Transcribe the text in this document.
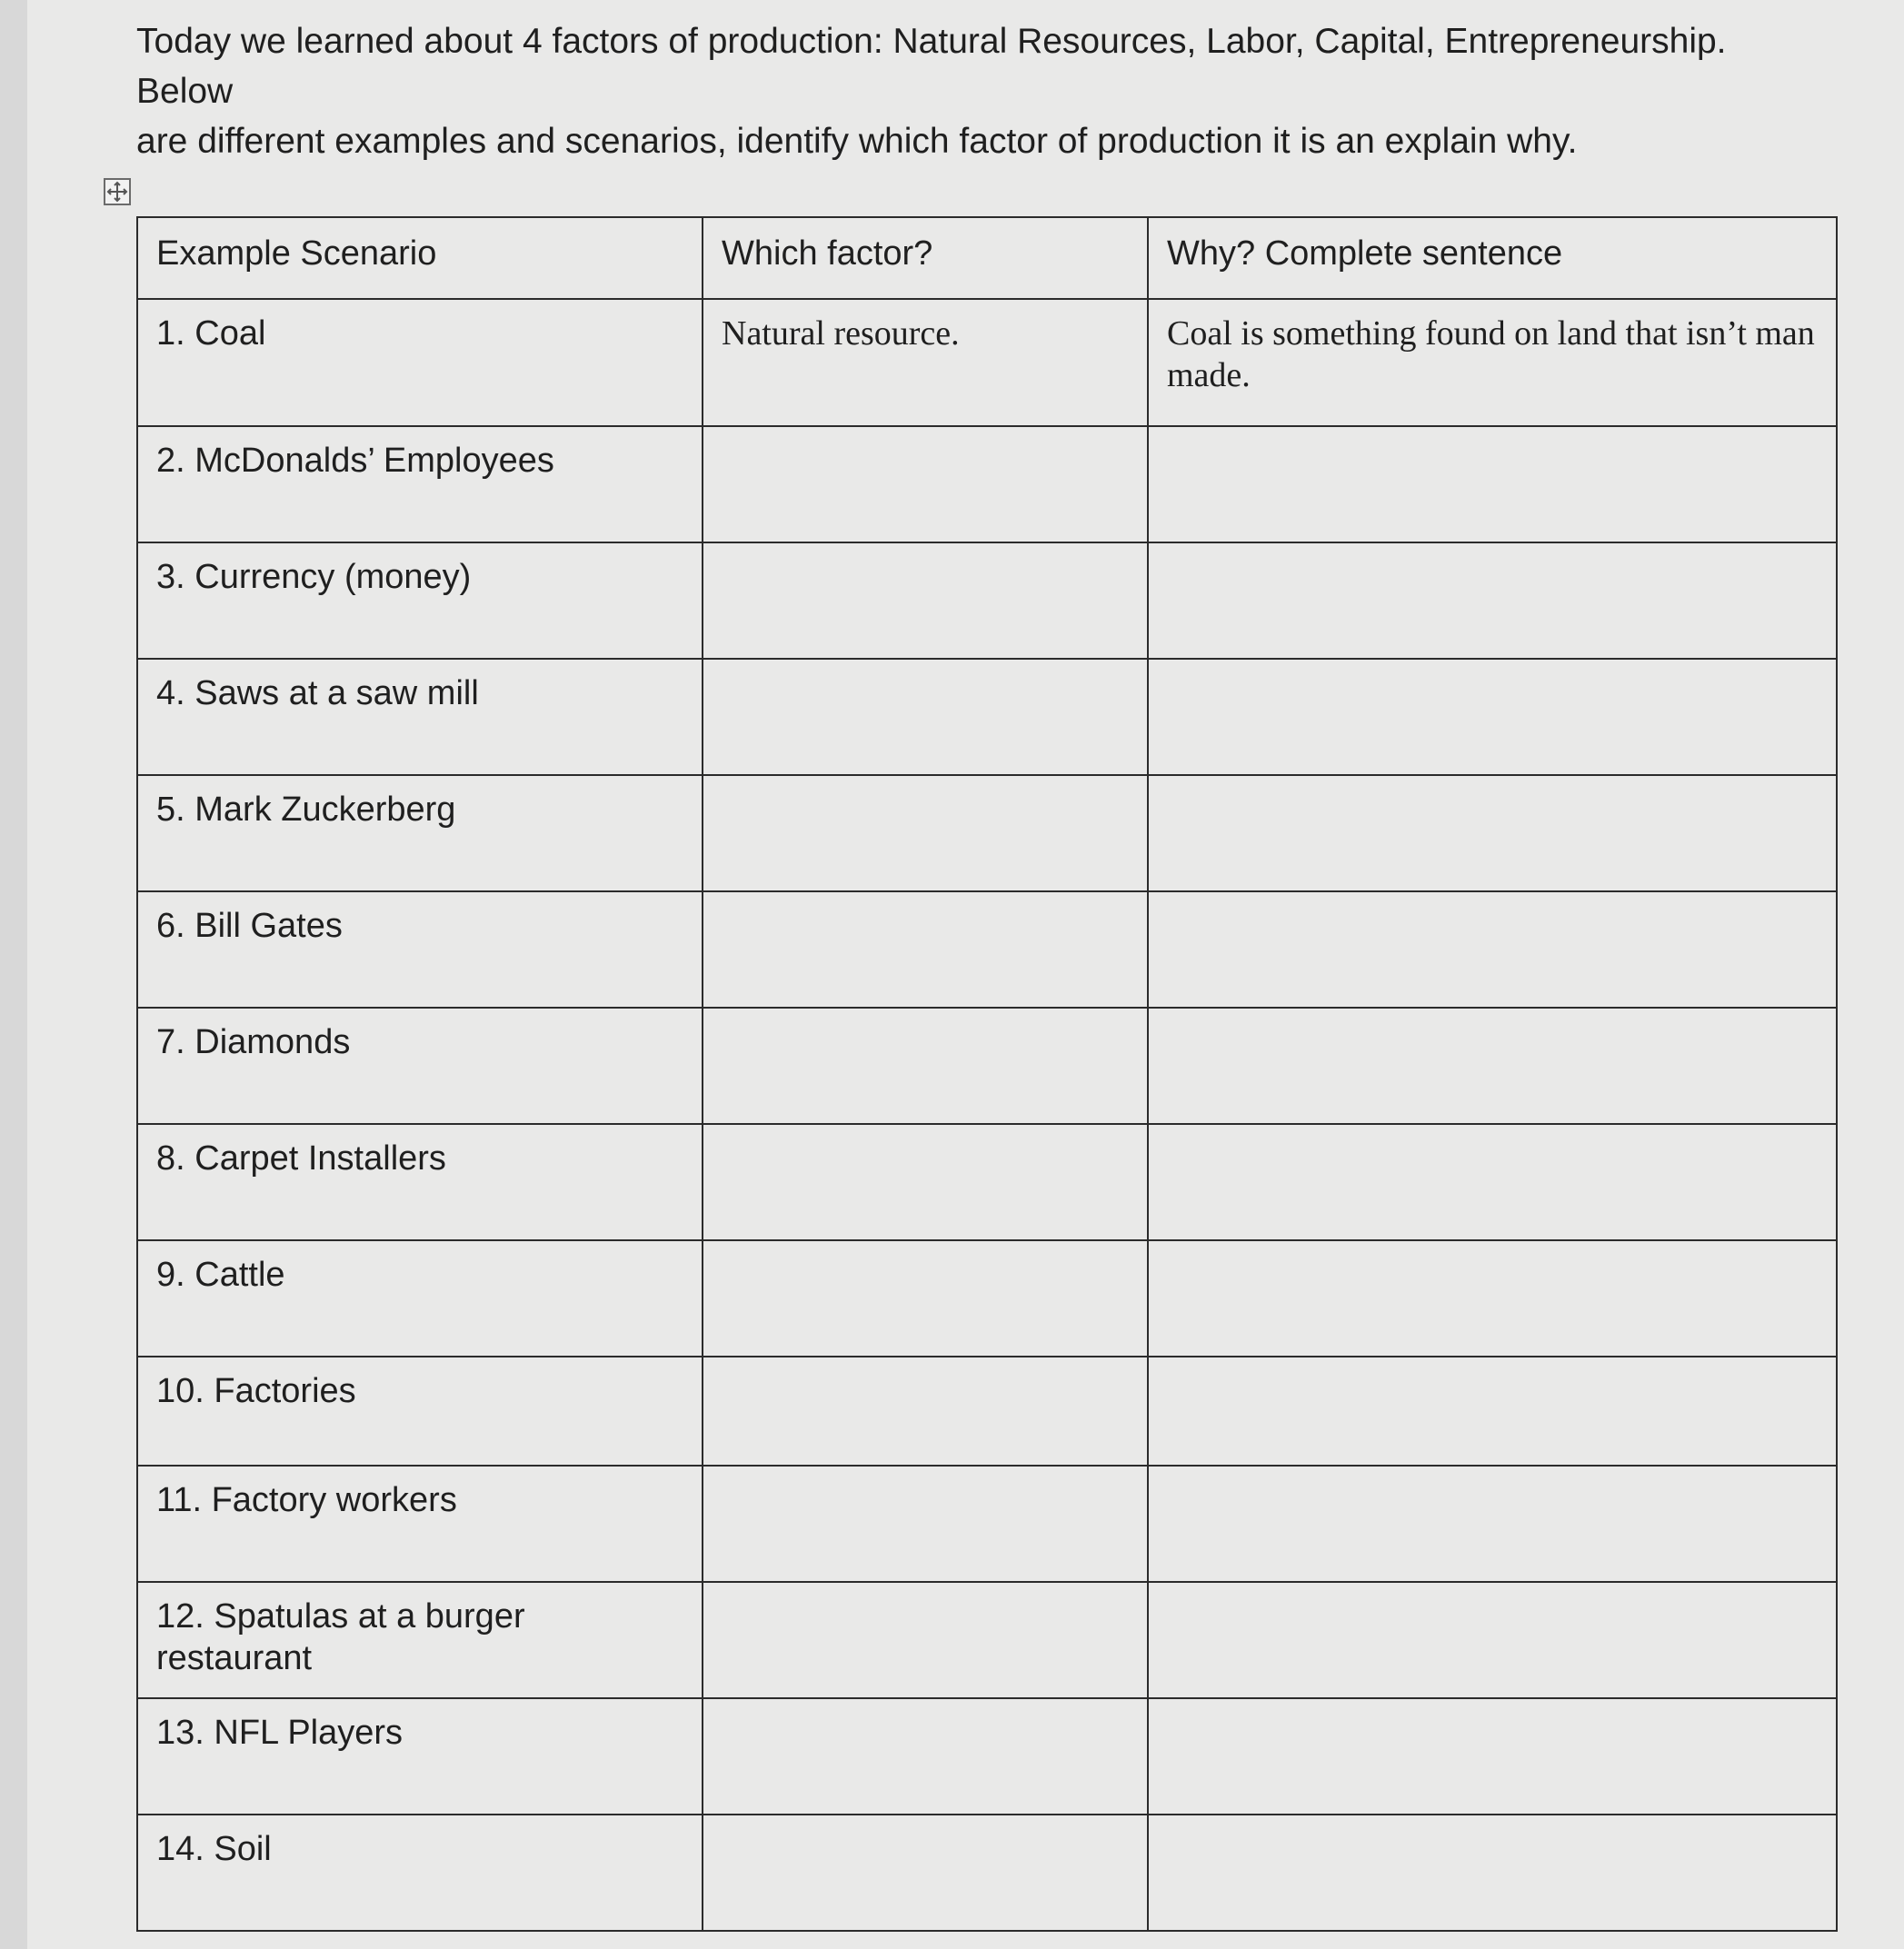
Today we learned about 4 factors of production: Natural Resources, Labor, Capital, Entrepreneurship. Below
are different examples and scenarios, identify which factor of production it is an explain why.

Example Scenario	Which factor?	Why? Complete sentence
1. Coal	Natural resource.	Coal is something found on land that isn’t man made.
2. McDonalds’ Employees		
3. Currency (money)		
4. Saws at a saw mill		
5. Mark Zuckerberg		
6. Bill Gates		
7. Diamonds		
8. Carpet Installers		
9. Cattle		
10. Factories		
11. Factory workers		
12. Spatulas at a burger restaurant		
13. NFL Players		
14. Soil		
